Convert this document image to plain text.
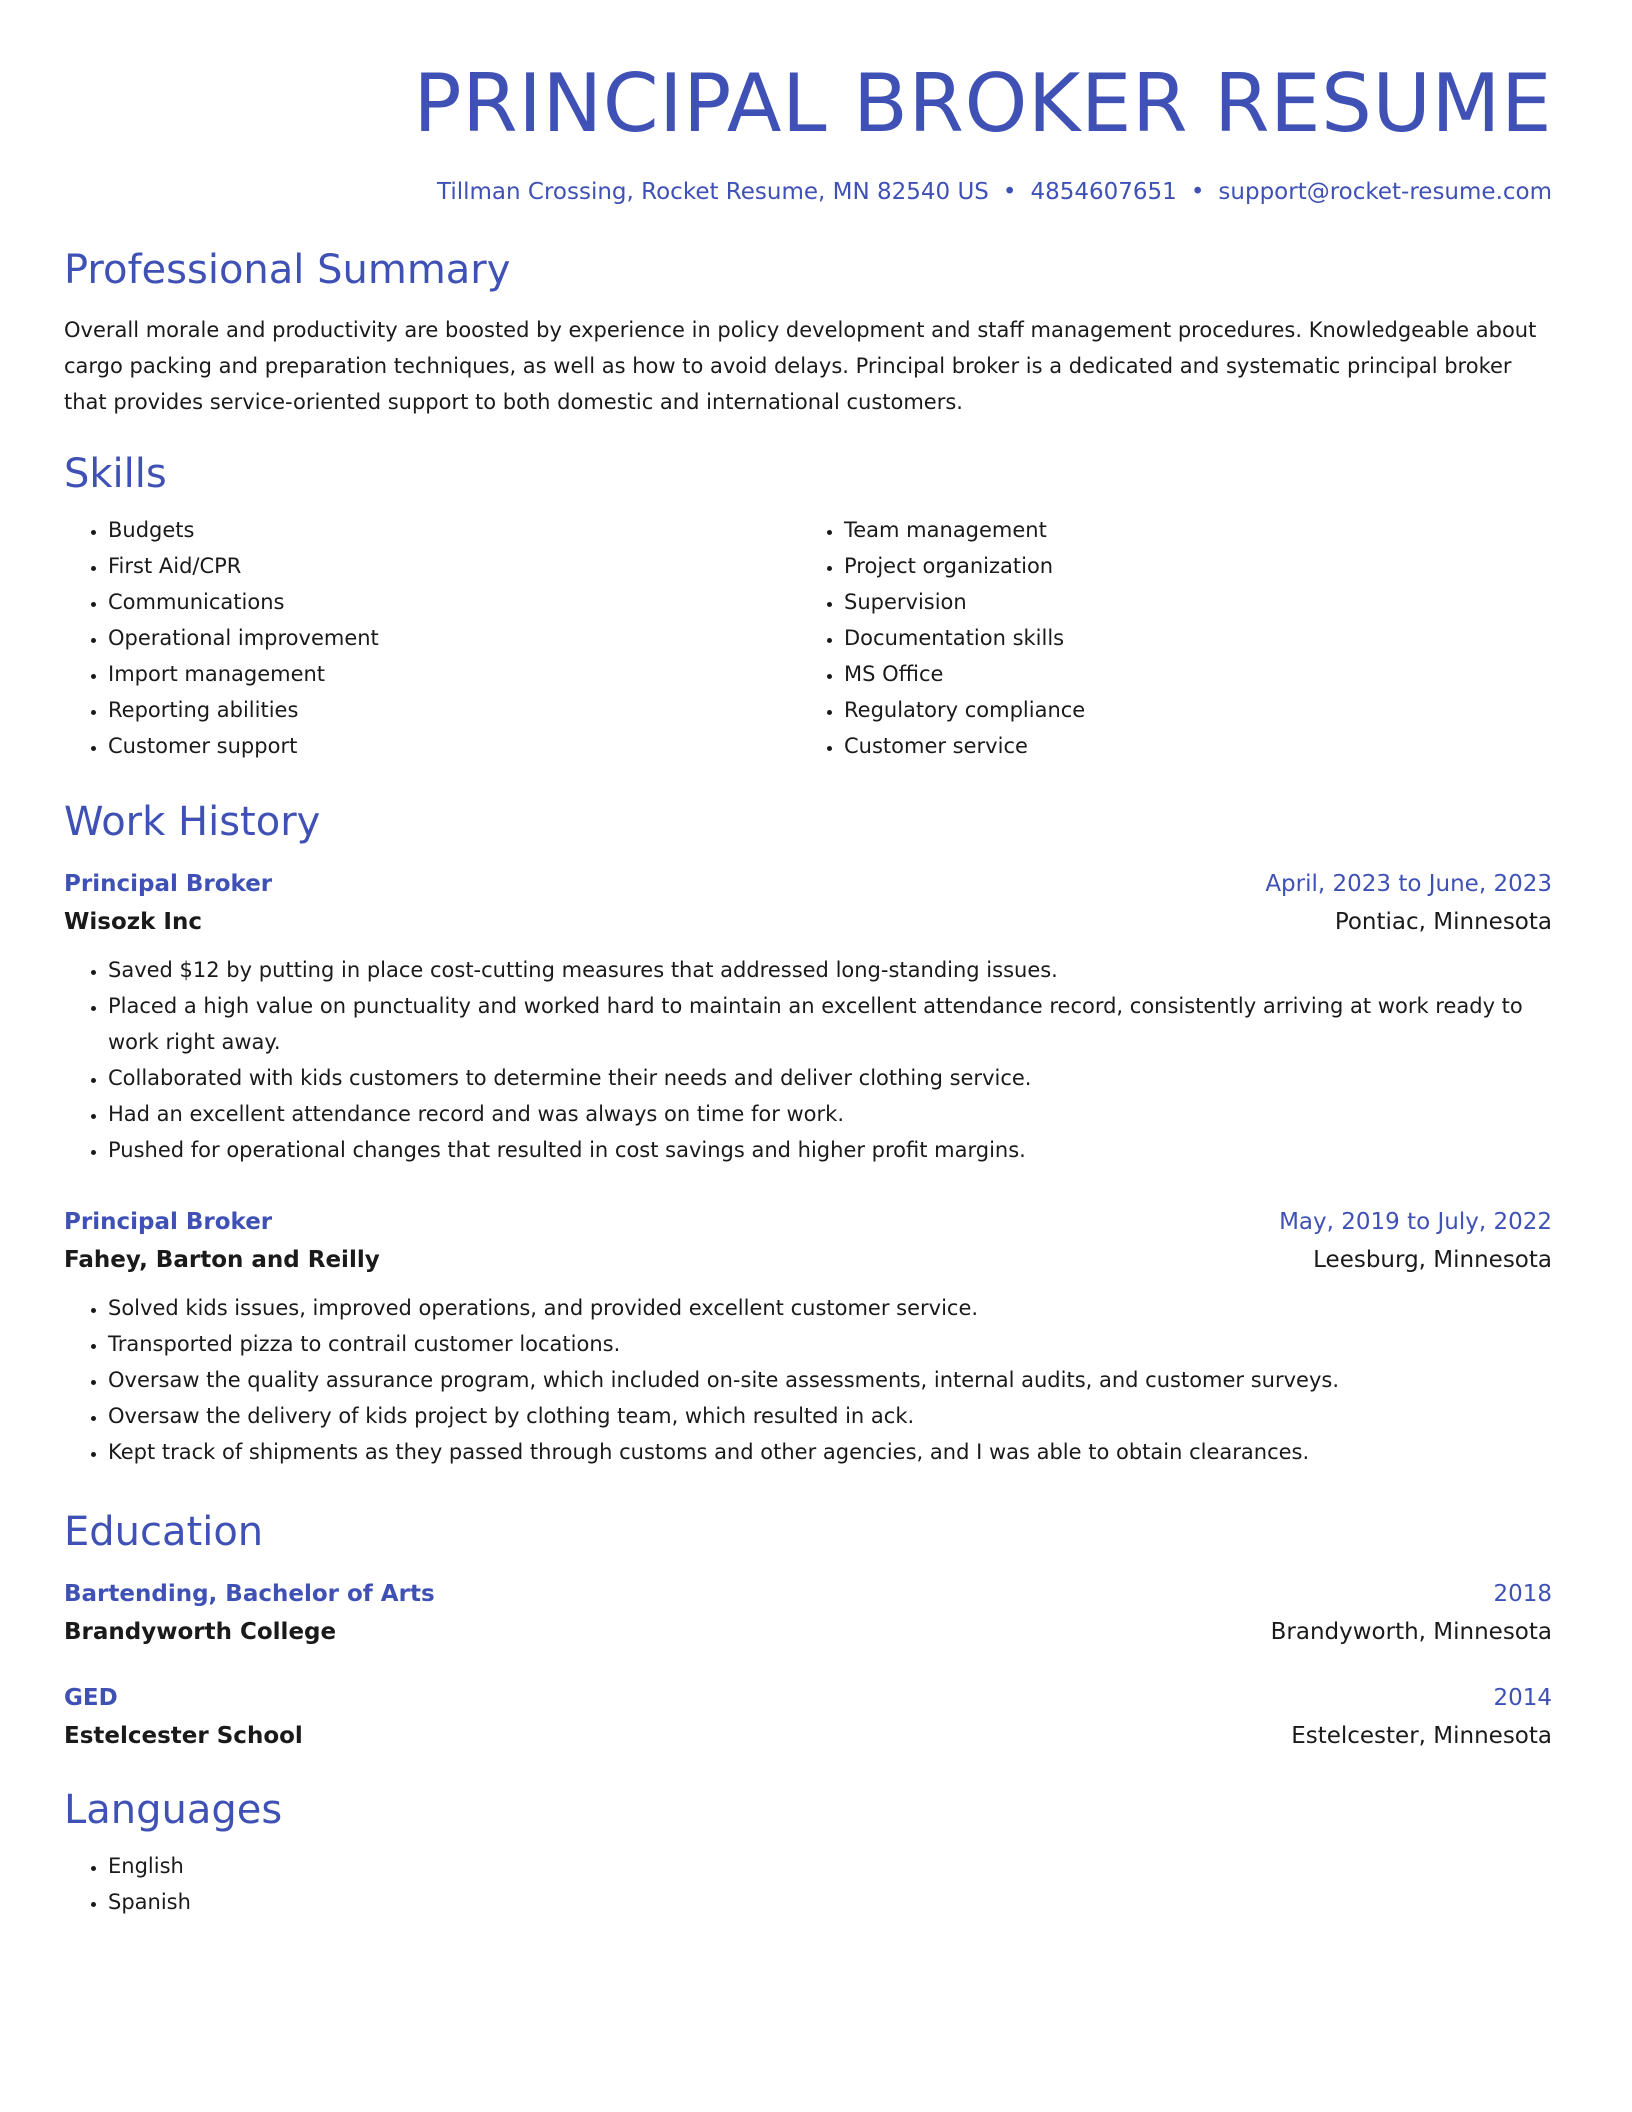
PRINCIPAL BROKER RESUME
Tillman Crossing, Rocket Resume, MN 82540 US • 4854607651 • support@rocket-resume.com
Professional Summary
Overall morale and productivity are boosted by experience in policy development and staff management procedures. Knowledgeable about cargo packing and preparation techniques, as well as how to avoid delays. Principal broker is a dedicated and systematic principal broker that provides service-oriented support to both domestic and international customers.
Skills
• Budgets
• First Aid/CPR
• Communications
• Operational improvement
• Import management
• Reporting abilities
• Customer support
• Team management
• Project organization
• Supervision
• Documentation skills
• MS Office
• Regulatory compliance
• Customer service
Work History
Principal Broker	April, 2023 to June, 2023
Wisozk Inc	Pontiac, Minnesota
• Saved $12 by putting in place cost-cutting measures that addressed long-standing issues.
• Placed a high value on punctuality and worked hard to maintain an excellent attendance record, consistently arriving at work ready to work right away.
• Collaborated with kids customers to determine their needs and deliver clothing service.
• Had an excellent attendance record and was always on time for work.
• Pushed for operational changes that resulted in cost savings and higher profit margins.
Principal Broker	May, 2019 to July, 2022
Fahey, Barton and Reilly	Leesburg, Minnesota
• Solved kids issues, improved operations, and provided excellent customer service.
• Transported pizza to contrail customer locations.
• Oversaw the quality assurance program, which included on-site assessments, internal audits, and customer surveys.
• Oversaw the delivery of kids project by clothing team, which resulted in ack.
• Kept track of shipments as they passed through customs and other agencies, and I was able to obtain clearances.
Education
Bartending, Bachelor of Arts	2018
Brandyworth College	Brandyworth, Minnesota
GED	2014
Estelcester School	Estelcester, Minnesota
Languages
• English
• Spanish
